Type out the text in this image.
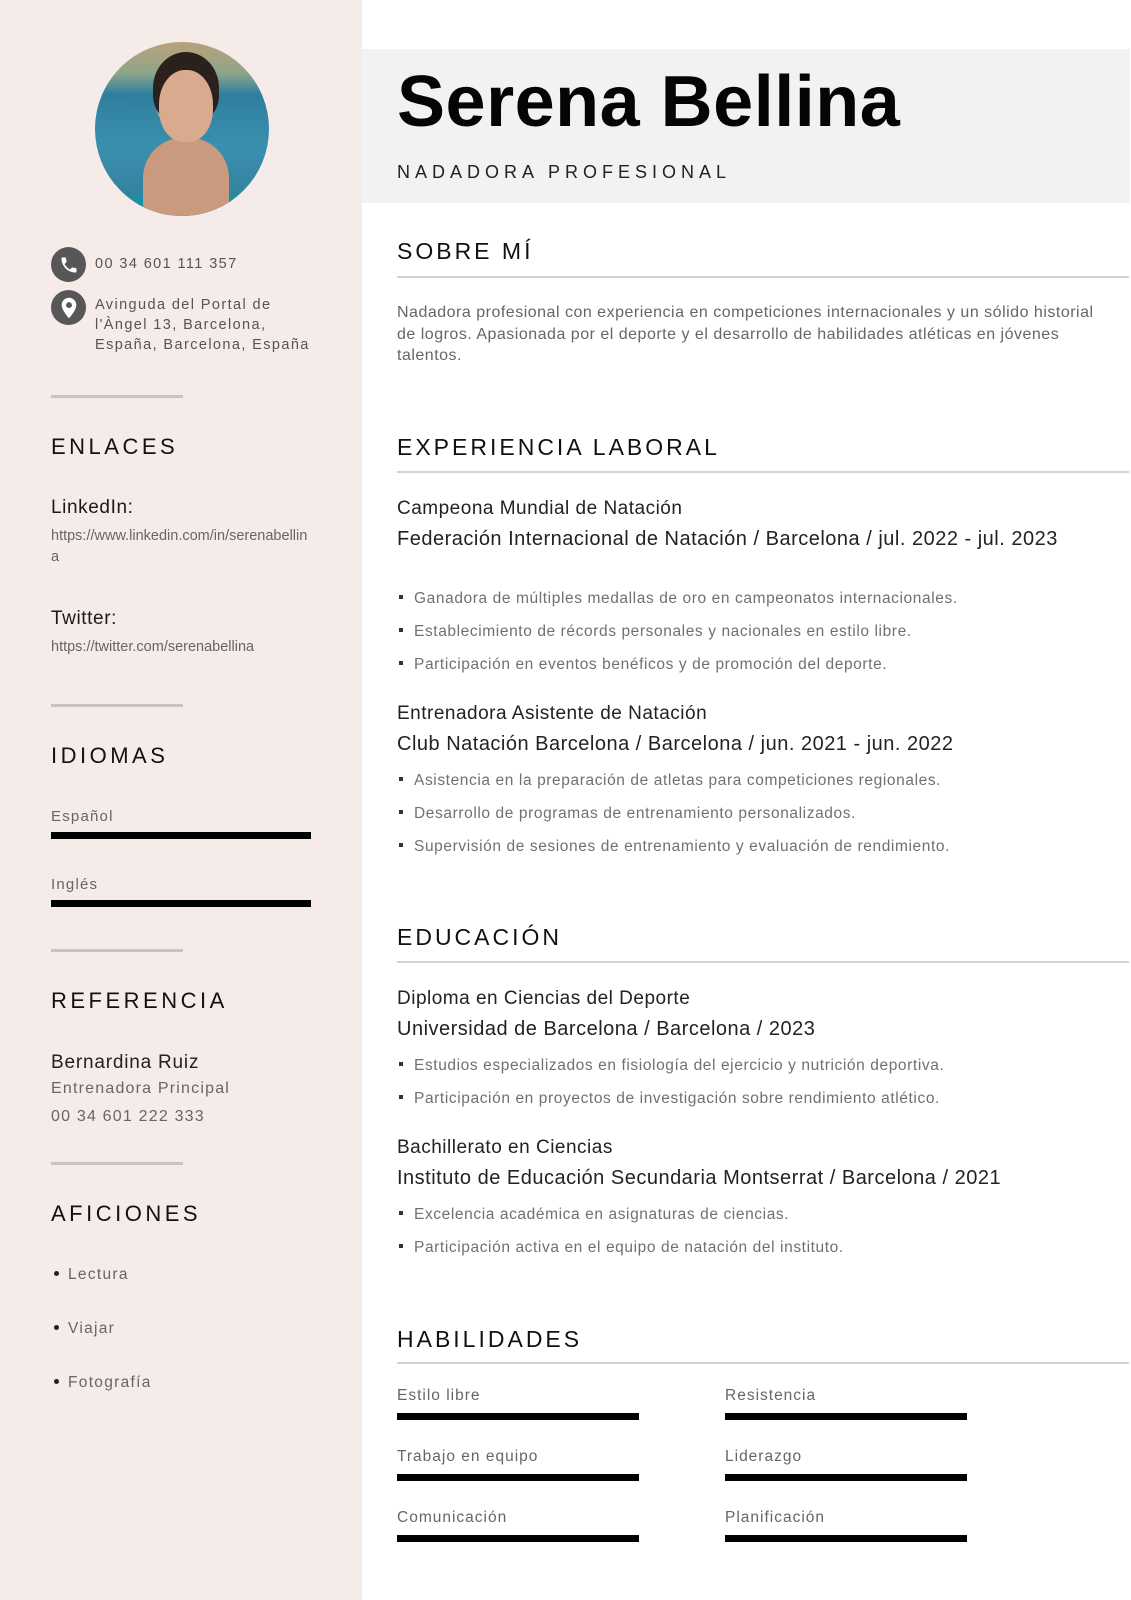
00 34 601 111 357
Avinguda del Portal de
l'Àngel 13, Barcelona,
España, Barcelona, España
ENLACES
LinkedIn:
https://www.linkedin.com/in/serenabellina
Twitter:
https://twitter.com/serenabellina
IDIOMAS
Español
Inglés
REFERENCIA
Bernardina Ruiz
Entrenadora Principal
00 34 601 222 333
AFICIONES
Lectura
Viajar
Fotografía
Serena Bellina
NADADORA PROFESIONAL
SOBRE MÍ

Nadadora profesional con experiencia en competiciones internacionales y un sólido historial de logros. Apasionada por el deporte y el desarrollo de habilidades atléticas en jóvenes talentos.

EXPERIENCIA LABORAL
Campeona Mundial de Natación
Federación Internacional de Natación / Barcelona / jul. 2022 - jul. 2023
Ganadora de múltiples medallas de oro en campeonatos internacionales.
Establecimiento de récords personales y nacionales en estilo libre.
Participación en eventos benéficos y de promoción del deporte.
Entrenadora Asistente de Natación
Club Natación Barcelona / Barcelona / jun. 2021 - jun. 2022
Asistencia en la preparación de atletas para competiciones regionales.
Desarrollo de programas de entrenamiento personalizados.
Supervisión de sesiones de entrenamiento y evaluación de rendimiento.
EDUCACIÓN
Diploma en Ciencias del Deporte
Universidad de Barcelona / Barcelona / 2023
Estudios especializados en fisiología del ejercicio y nutrición deportiva.
Participación en proyectos de investigación sobre rendimiento atlético.
Bachillerato en Ciencias
Instituto de Educación Secundaria Montserrat / Barcelona / 2021
Excelencia académica en asignaturas de ciencias.
Participación activa en el equipo de natación del instituto.
HABILIDADES
Estilo libre	Resistencia
Trabajo en equipo	Liderazgo
Comunicación	Planificación
